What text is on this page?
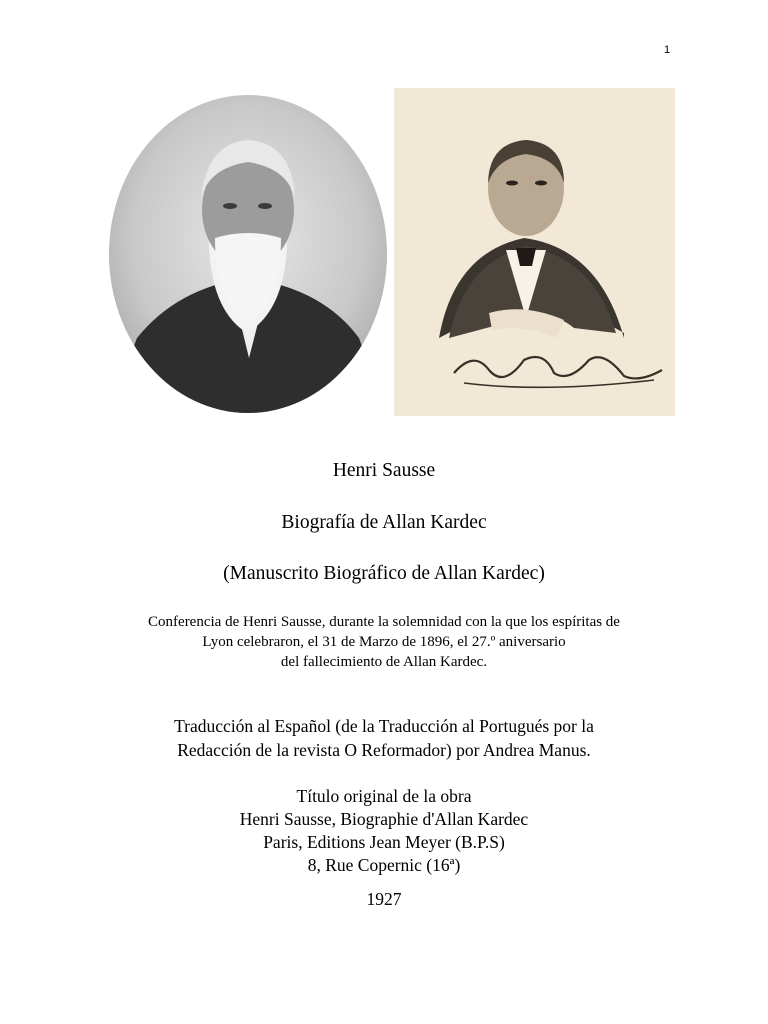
1
Henri Sausse
Biografía de Allan Kardec
(Manuscrito Biográfico de Allan Kardec)
Conferencia de Henri Sausse, durante la solemnidad con la que los espíritas de
Lyon celebraron, el 31 de Marzo de 1896, el 27.º aniversario
del fallecimiento de Allan Kardec.
Traducción al Español (de la Traducción al Portugués por la
Redacción de la revista O Reformador) por Andrea Manus.
Título original de la obra
Henri Sausse, Biographie d'Allan Kardec
Paris, Editions Jean Meyer (B.P.S)
8, Rue Copernic (16ª)
1927
